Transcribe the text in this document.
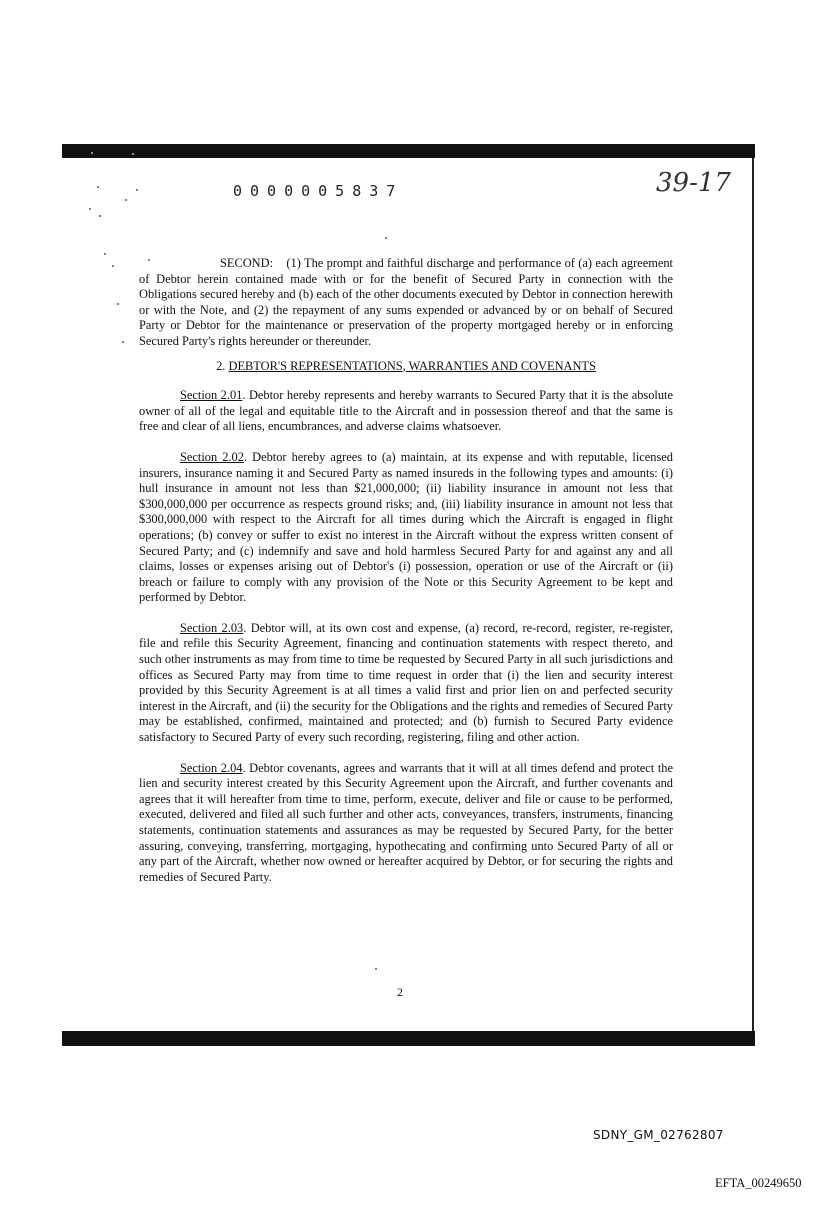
0000005837	39-17

SECOND: (1) The prompt and faithful discharge and performance of (a) each agreement of Debtor herein contained made with or for the benefit of Secured Party in connection with the Obligations secured hereby and (b) each of the other documents executed by Debtor in connection herewith or with the Note, and (2) the repayment of any sums expended or advanced by or on behalf of Secured Party or Debtor for the maintenance or preservation of the property mortgaged hereby or in enforcing Secured Party's rights hereunder or thereunder.

2. DEBTOR'S REPRESENTATIONS, WARRANTIES AND COVENANTS

Section 2.01. Debtor hereby represents and hereby warrants to Secured Party that it is the absolute owner of all of the legal and equitable title to the Aircraft and in possession thereof and that the same is free and clear of all liens, encumbrances, and adverse claims whatsoever.

Section 2.02. Debtor hereby agrees to (a) maintain, at its expense and with reputable, licensed insurers, insurance naming it and Secured Party as named insureds in the following types and amounts: (i) hull insurance in amount not less than $21,000,000; (ii) liability insurance in amount not less that $300,000,000 per occurrence as respects ground risks; and, (iii) liability insurance in amount not less that $300,000,000 with respect to the Aircraft for all times during which the Aircraft is engaged in flight operations; (b) convey or suffer to exist no interest in the Aircraft without the express written consent of Secured Party; and (c) indemnify and save and hold harmless Secured Party for and against any and all claims, losses or expenses arising out of Debtor's (i) possession, operation or use of the Aircraft or (ii) breach or failure to comply with any provision of the Note or this Security Agreement to be kept and performed by Debtor.

Section 2.03. Debtor will, at its own cost and expense, (a) record, re-record, register, re-register, file and refile this Security Agreement, financing and continuation statements with respect thereto, and such other instruments as may from time to time be requested by Secured Party in all such jurisdictions and offices as Secured Party may from time to time request in order that (i) the lien and security interest provided by this Security Agreement is at all times a valid first and prior lien on and perfected security interest in the Aircraft, and (ii) the security for the Obligations and the rights and remedies of Secured Party may be established, confirmed, maintained and protected; and (b) furnish to Secured Party evidence satisfactory to Secured Party of every such recording, registering, filing and other action.

Section 2.04. Debtor covenants, agrees and warrants that it will at all times defend and protect the lien and security interest created by this Security Agreement upon the Aircraft, and further covenants and agrees that it will hereafter from time to time, perform, execute, deliver and file or cause to be performed, executed, delivered and filed all such further and other acts, conveyances, transfers, instruments, financing statements, continuation statements and assurances as may be requested by Secured Party, for the better assuring, conveying, transferring, mortgaging, hypothecating and confirming unto Secured Party of all or any part of the Aircraft, whether now owned or hereafter acquired by Debtor, or for securing the rights and remedies of Secured Party.

2
SDNY_GM_02762807
EFTA_00249650
